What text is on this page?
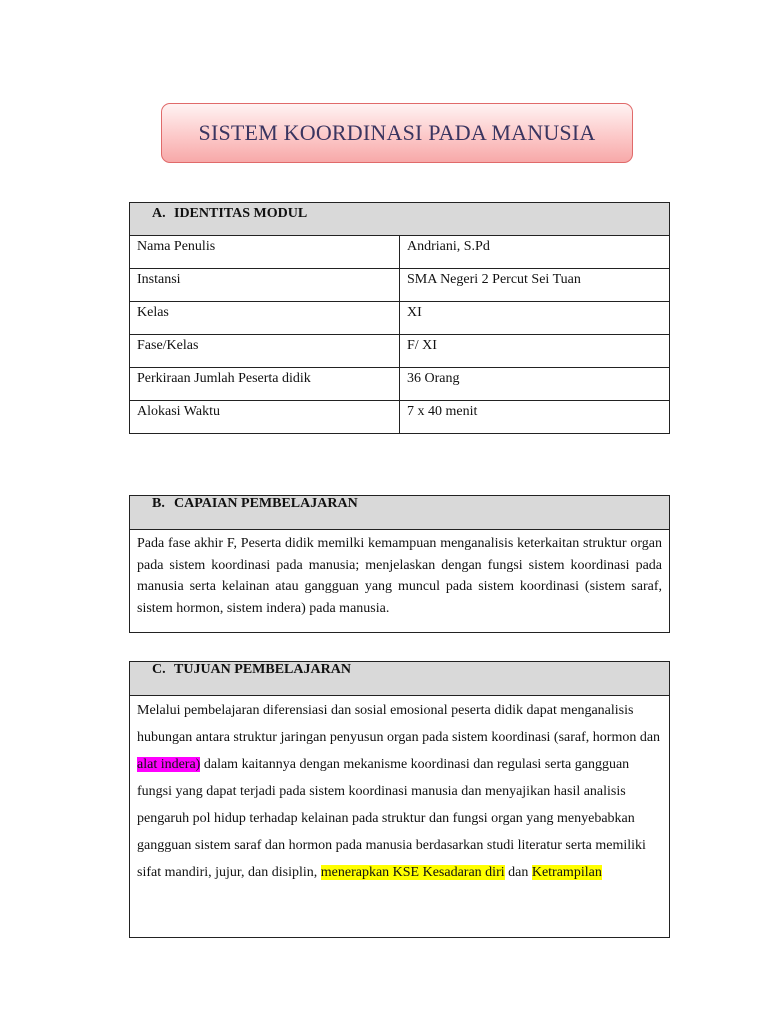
SISTEM KOORDINASI PADA MANUSIA
A. IDENTITAS MODUL	
Nama Penulis	Andriani, S.Pd
Instansi	SMA Negeri 2 Percut Sei Tuan
Kelas	XI
Fase/Kelas	F/ XI
Perkiraan Jumlah Peserta didik	36 Orang
Alokasi Waktu	7 x 40 menit
B. CAPAIAN PEMBELAJARAN
Pada fase akhir F, Peserta didik memilki kemampuan menganalisis keterkaitan struktur organ pada sistem koordinasi pada manusia; menjelaskan dengan fungsi sistem koordinasi pada manusia serta kelainan atau gangguan yang muncul pada sistem koordinasi (sistem saraf, sistem hormon, sistem indera) pada manusia.
C. TUJUAN PEMBELAJARAN
Melalui pembelajaran diferensiasi dan sosial emosional peserta didik dapat menganalisis hubungan antara struktur jaringan penyusun organ pada sistem koordinasi (saraf, hormon dan alat indera) dalam kaitannya dengan mekanisme koordinasi dan regulasi serta gangguan fungsi yang dapat terjadi pada sistem koordinasi manusia dan menyajikan hasil analisis pengaruh pol hidup terhadap kelainan pada struktur dan fungsi organ yang menyebabkan gangguan sistem saraf dan hormon pada manusia berdasarkan studi literatur serta memiliki sifat mandiri, jujur, dan disiplin, menerapkan KSE Kesadaran diri dan Ketrampilan
